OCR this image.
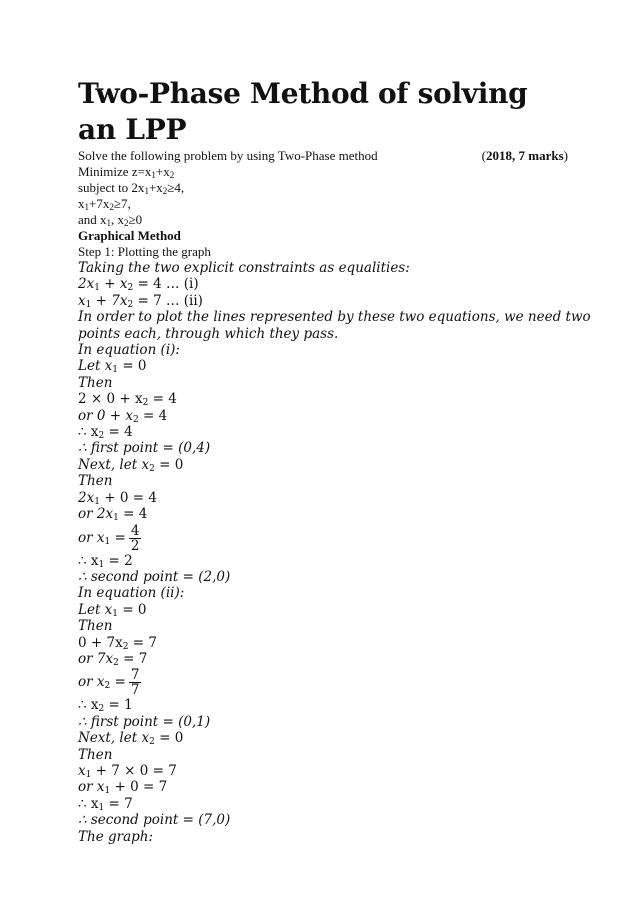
Two-Phase Method of solving an LPP
Solve the following problem by using Two-Phase method	(2018, 7 marks)
Minimize $z=x_1+x_2$
subject to $2x_1+x_2\ge 4$,
$x_1+7x_2\ge 7$,
and $x_1$, $x_2\ge 0$
Graphical Method
Step 1: Plotting the graph
Taking the two explicit constraints as equalities:
$2x_1 + x_2 = 4$ … (i)
$x_1 + 7x_2 = 7$ … (ii)
In order to plot the lines represented by these two equations, we need two
points each, through which they pass.
In equation (i):
Let $x_1 = 0$
Then
$2 \times 0 + x_2 = 4$
or $0 + x_2 = 4$
∴ $x_2 = 4$
∴ first point = (0,4)
Next, let $x_2 = 0$
Then
$2x_1 + 0 = 4$
or $2x_1 = 4$
or $x_1 = \frac{4}{2}$
∴ $x_1 = 2$
∴ second point = (2,0)
In equation (ii):
Let $x_1 = 0$
Then
$0 + 7x_2 = 7$
or $7x_2 = 7$
or $x_2 = \frac{7}{7}$
∴ $x_2 = 1$
∴ first point = (0,1)
Next, let $x_2 = 0$
Then
$x_1 + 7 \times 0 = 7$
or $x_1 + 0 = 7$
∴ $x_1 = 7$
∴ second point = (7,0)
The graph:
